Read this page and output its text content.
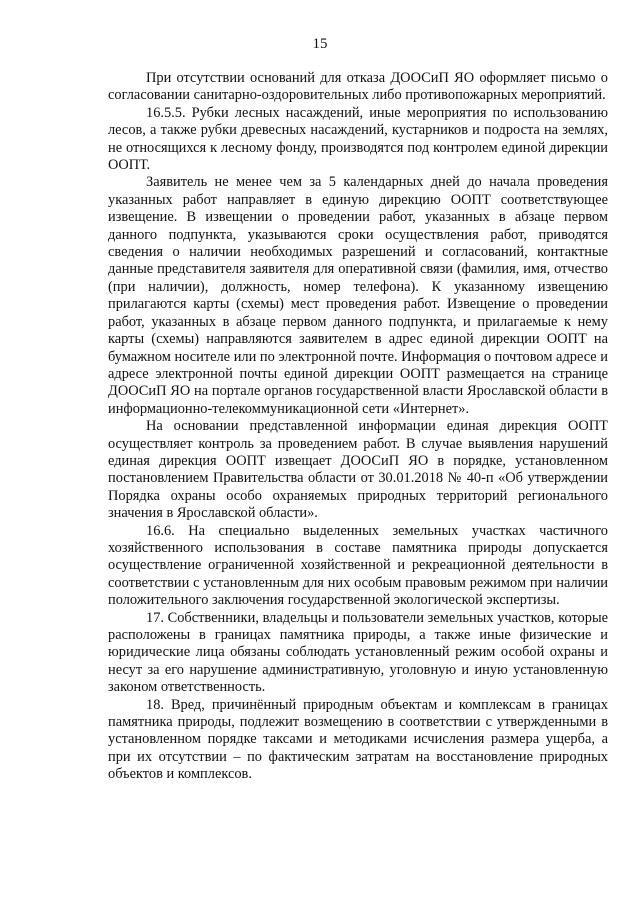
15

При отсутствии оснований для отказа ДООСиП ЯО оформляет письмо о согласовании санитарно-оздоровительных либо противопожарных мероприятий.

16.5.5. Рубки лесных насаждений, иные мероприятия по использованию лесов, а также рубки древесных насаждений, кустарников и подроста на землях, не относящихся к лесному фонду, производятся под контролем единой дирекции ООПТ.

Заявитель не менее чем за 5 календарных дней до начала проведения указанных работ направляет в единую дирекцию ООПТ соответствующее извещение. В извещении о проведении работ, указанных в абзаце первом данного подпункта, указываются сроки осуществления работ, приводятся сведения о наличии необходимых разрешений и согласований, контактные данные представителя заявителя для оперативной связи (фамилия, имя, отчество (при наличии), должность, номер телефона). К указанному извещению прилагаются карты (схемы) мест проведения работ. Извещение о проведении работ, указанных в абзаце первом данного подпункта, и прилагаемые к нему карты (схемы) направляются заявителем в адрес единой дирекции ООПТ на бумажном носителе или по электронной почте. Информация о почтовом адресе и адресе электронной почты единой дирекции ООПТ размещается на странице ДООСиП ЯО на портале органов государственной власти Ярославской области в информационно-телекоммуникационной сети «Интернет».

На основании представленной информации единая дирекция ООПТ осуществляет контроль за проведением работ. В случае выявления нарушений единая дирекция ООПТ извещает ДООСиП ЯО в порядке, установленном постановлением Правительства области от 30.01.2018 № 40-п «Об утверждении Порядка охраны особо охраняемых природных территорий регионального значения в Ярославской области».

16.6. На специально выделенных земельных участках частичного хозяйственного использования в составе памятника природы допускается осуществление ограниченной хозяйственной и рекреационной деятельности в соответствии с установленным для них особым правовым режимом при наличии положительного заключения государственной экологической экспертизы.

17. Собственники, владельцы и пользователи земельных участков, которые расположены в границах памятника природы, а также иные физические и юридические лица обязаны соблюдать установленный режим особой охраны и несут за его нарушение административную, уголовную и иную установленную законом ответственность.

18. Вред, причинённый природным объектам и комплексам в границах памятника природы, подлежит возмещению в соответствии с утвержденными в установленном порядке таксами и методиками исчисления размера ущерба, а при их отсутствии – по фактическим затратам на восстановление природных объектов и комплексов.
